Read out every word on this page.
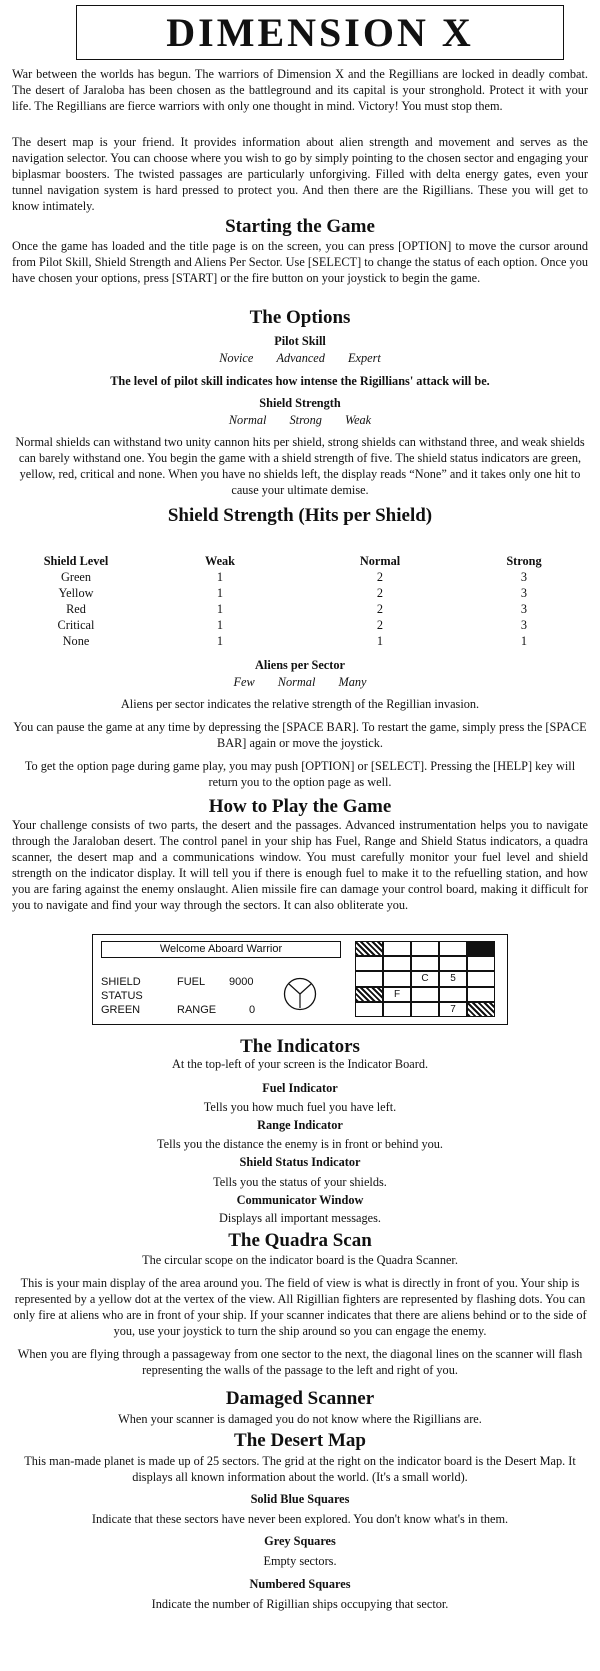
DIMENSION X

War between the worlds has begun. The warriors of Dimension X and the Regillians are locked in deadly combat. The desert of Jaraloba has been chosen as the battleground and its capital is your stronghold. Protect it with your life. The Regillians are fierce warriors with only one thought in mind. Victory! You must stop them.

The desert map is your friend. It provides information about alien strength and movement and serves as the navigation selector. You can choose where you wish to go by simply pointing to the chosen sector and engaging your biplasmar boosters. The twisted passages are particularly unforgiving. Filled with delta energy gates, even your tunnel navigation system is hard pressed to protect you. And then there are the Rigillians. These you will get to know intimately.

Starting the Game

Once the game has loaded and the title page is on the screen, you can press [OPTION] to move the cursor around from Pilot Skill, Shield Strength and Aliens Per Sector. Use [SELECT] to change the status of each option. Once you have chosen your options, press [START] or the fire button on your joystick to begin the game.

The Options

Pilot Skill

Novice Advanced Expert

The level of pilot skill indicates how intense the Rigillians' attack will be.

Shield Strength

Normal Strong Weak

Normal shields can withstand two unity cannon hits per shield, strong shields can withstand three, and weak shields can barely withstand one. You begin the game with a shield strength of five. The shield status indicators are green, yellow, red, critical and none. When you have no shields left, the display reads “None” and it takes only one hit to cause your ultimate demise.

Shield Strength (Hits per Shield)
Shield Level	Weak	Normal	Strong
Green	1	2	3
Yellow	1	2	3
Red	1	2	3
Critical	1	2	3
None	1	1	1

Aliens per Sector

Few Normal Many

Aliens per sector indicates the relative strength of the Regillian invasion.

You can pause the game at any time by depressing the [SPACE BAR]. To restart the game, simply press the [SPACE BAR] again or move the joystick.

To get the option page during game play, you may push [OPTION] or [SELECT]. Pressing the [HELP] key will return you to the option page as well.

How to Play the Game

Your challenge consists of two parts, the desert and the passages. Advanced instrumentation helps you to navigate through the Jaraloban desert. The control panel in your ship has Fuel, Range and Shield Status indicators, a quadra scanner, the desert map and a communications window. You must carefully monitor your fuel level and shield strength on the indicator display. It will tell you if there is enough fuel to make it to the refuelling station, and how you are faring against the enemy onslaught. Alien missile fire can damage your control board, making it difficult for you to navigate and find your way through the sectors. It can also obliterate you.

Welcome Aboard Warrior
SHIELD
STATUS
GREEN
FUEL 9000
RANGE	0
C	5
F
7
The Indicators

At the top-left of your screen is the Indicator Board.

Fuel Indicator

Tells you how much fuel you have left.

Range Indicator

Tells you the distance the enemy is in front or behind you.

Shield Status Indicator

Tells you the status of your shields.

Communicator Window

Displays all important messages.

The Quadra Scan

The circular scope on the indicator board is the Quadra Scanner.

This is your main display of the area around you. The field of view is what is directly in front of you. Your ship is represented by a yellow dot at the vertex of the view. All Rigillian fighters are represented by flashing dots. You can only fire at aliens who are in front of your ship. If your scanner indicates that there are aliens behind or to the side of you, use your joystick to turn the ship around so you can engage the enemy.

When you are flying through a passageway from one sector to the next, the diagonal lines on the scanner will flash representing the walls of the passage to the left and right of you.

Damaged Scanner

When your scanner is damaged you do not know where the Rigillians are.

The Desert Map

This man-made planet is made up of 25 sectors. The grid at the right on the indicator board is the Desert Map. It displays all known information about the world. (It's a small world).

Solid Blue Squares

Indicate that these sectors have never been explored. You don't know what's in them.

Grey Squares

Empty sectors.

Numbered Squares

Indicate the number of Rigillian ships occupying that sector.
